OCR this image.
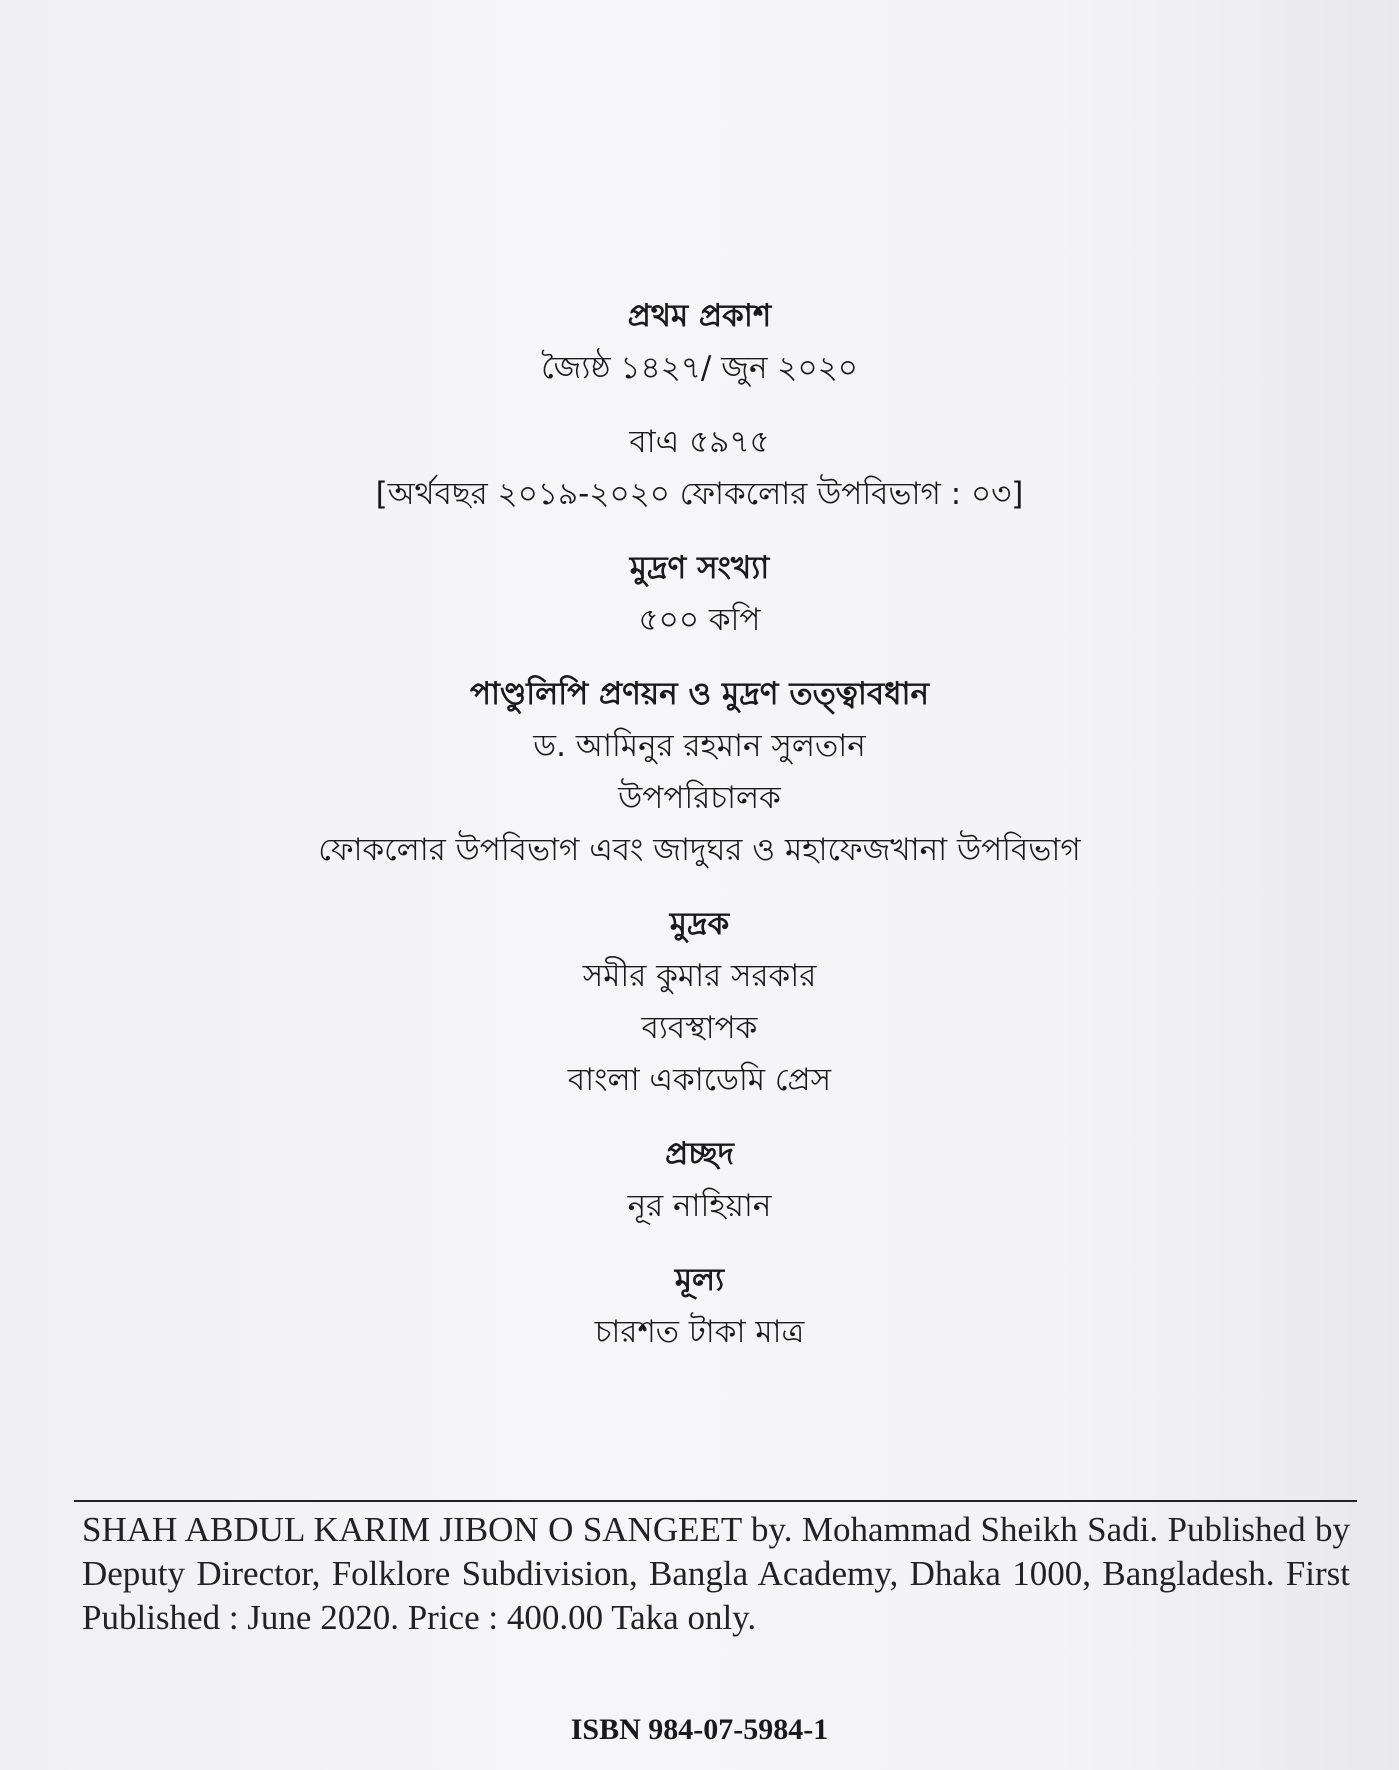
প্রথম প্রকাশ
জ্যৈষ্ঠ ১৪২৭/ জুন ২০২০
বাএ ৫৯৭৫
[অর্থবছর ২০১৯-২০২০ ফোকলোর উপবিভাগ : ০৩]
মুদ্রণ সংখ্যা
৫০০ কপি
পাণ্ডুলিপি প্রণয়ন ও মুদ্রণ তত্ত্বাবধান
ড. আমিনুর রহমান সুলতান
উপপরিচালক
ফোকলোর উপবিভাগ এবং জাদুঘর ও মহাফেজখানা উপবিভাগ
মুদ্রক
সমীর কুমার সরকার
ব্যবস্থাপক
বাংলা একাডেমি প্রেস
প্রচ্ছদ
নূর নাহিয়ান
মূল্য
চারশত টাকা মাত্র
SHAH ABDUL KARIM JIBON O SANGEET by. Mohammad Sheikh Sadi. Published by Deputy Director, Folklore Subdivision, Bangla Academy, Dhaka 1000, Bangladesh. First Published : June 2020. Price : 400.00 Taka only.
ISBN 984-07-5984-1
